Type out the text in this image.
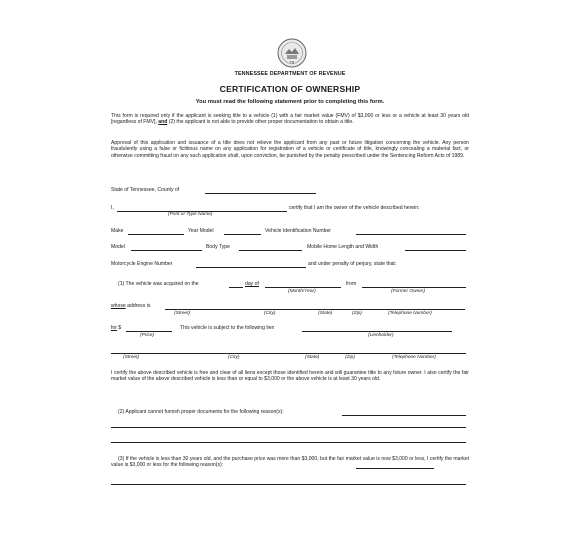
TN
TENNESSEE DEPARTMENT OF REVENUE
CERTIFICATION OF OWNERSHIP
You must read the following statement prior to completing this form.
This form is required only if the applicant is seeking title to a vehicle (1) with a fair market value (FMV) of $3,000 or less or a vehicle at least 30 years old [regardless of FMV], and (2) the applicant is not able to provide other proper documentation to obtain a title.
Approval of this application and issuance of a title does not relieve the applicant from any past or future litigation concerning the vehicle. Any person fraudulently using a false or fictitious name on any application for registration of a vehicle or certificate of title, knowingly concealing a material fact, or otherwise committing fraud on any such application shall, upon conviction, be punished by the penalty prescribed under the Sentencing Reform Acts of 1989.
State of Tennessee, County of
I,	certify that I am the owner of the vehicle described herein:
(Print or Type Name)
Make	Year Model	Vehicle Identification Number
Model	Body Type	Mobile Home Length and Width
Motorcycle Engine Number	and under penalty of perjury, state that:
(1) The vehicle was acquired on the	day of	from
(Month/Year)	(Former Owner)
whose address is
(Street)	(City)	(State)	(Zip)	(Telephone Number)
for $	This vehicle is subject to the following lien
(Price)	(Lienholder)
(Street)	(City)	(State)	(Zip)	(Telephone Number)
I certify the above described vehicle is free and clear of all liens except those identified herein and will guarantee title to any future owner. I also certify the fair market value of the above described vehicle is less than or equal to $3,000 or the above vehicle is at least 30 years old.
(2) Applicant cannot furnish proper documents for the following reason(s):
(3) If the vehicle is less than 30 years old, and the purchase price was more than $3,000, but the fair market value is now $3,000 or less, I certify the market value is $3,000 or less for the following reason(s):
